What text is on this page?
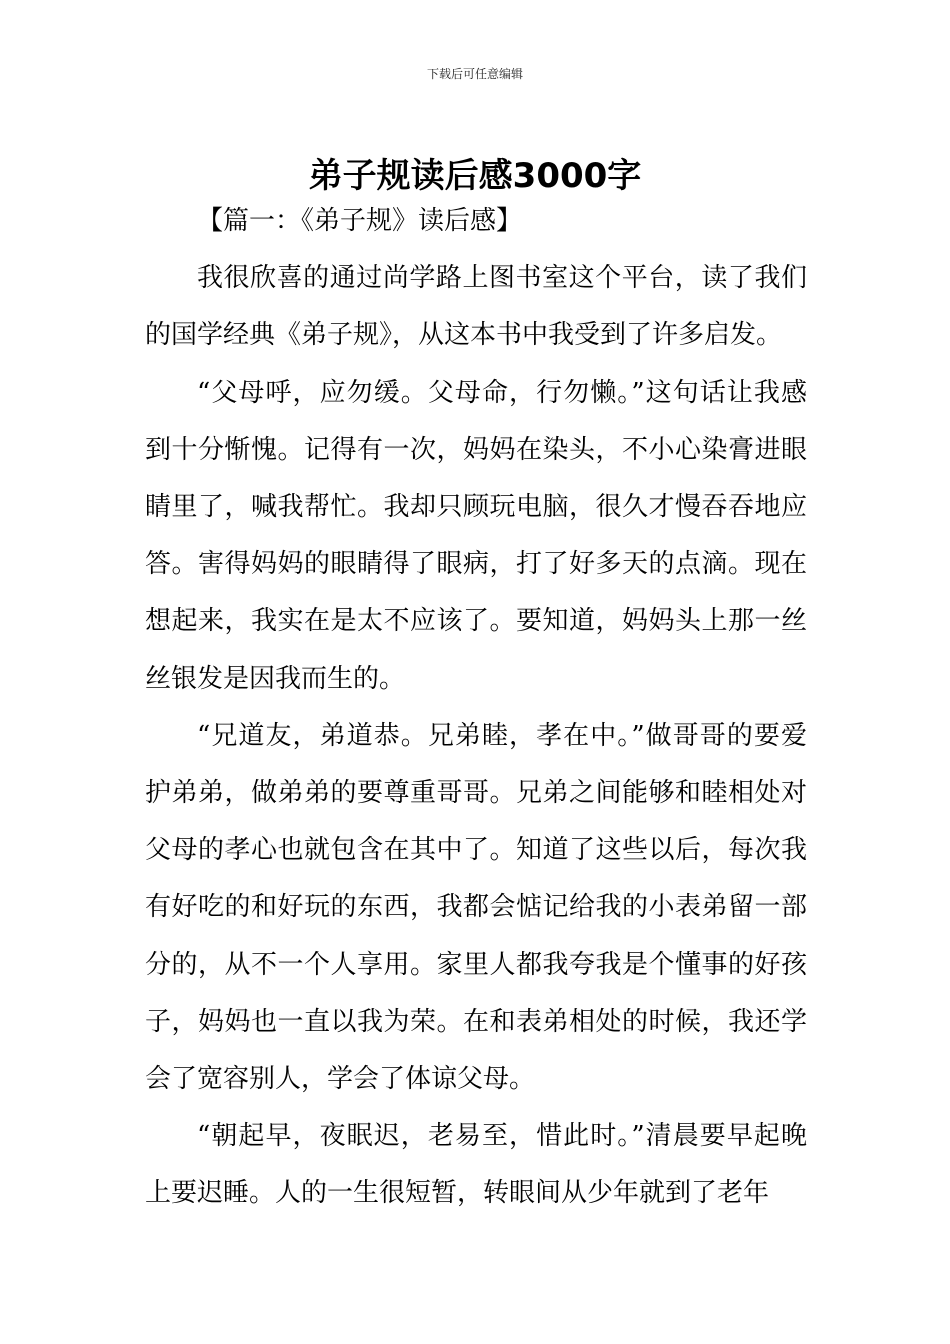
下载后可任意编辑
弟子规读后感3000字

【篇一：《弟子规》读后感】

我很欣喜的通过尚学路上图书室这个平台，读了我们的国学经典《弟子规》，从这本书中我受到了许多启发。

“父母呼，应勿缓。父母命，行勿懒。”这句话让我感到十分惭愧。记得有一次，妈妈在染头，不小心染膏进眼睛里了，喊我帮忙。我却只顾玩电脑，很久才慢吞吞地应答。害得妈妈的眼睛得了眼病，打了好多天的点滴。现在想起来，我实在是太不应该了。要知道，妈妈头上那一丝丝银发是因我而生的。

“兄道友，弟道恭。兄弟睦，孝在中。”做哥哥的要爱护弟弟，做弟弟的要尊重哥哥。兄弟之间能够和睦相处对父母的孝心也就包含在其中了。知道了这些以后，每次我有好吃的和好玩的东西，我都会惦记给我的小表弟留一部分的，从不一个人享用。家里人都我夸我是个懂事的好孩子，妈妈也一直以我为荣。在和表弟相处的时候，我还学会了宽容别人，学会了体谅父母。

“朝起早，夜眠迟，老易至，惜此时。”清晨要早起晚上要迟睡。人的一生很短暂，转眼间从少年就到了老年
